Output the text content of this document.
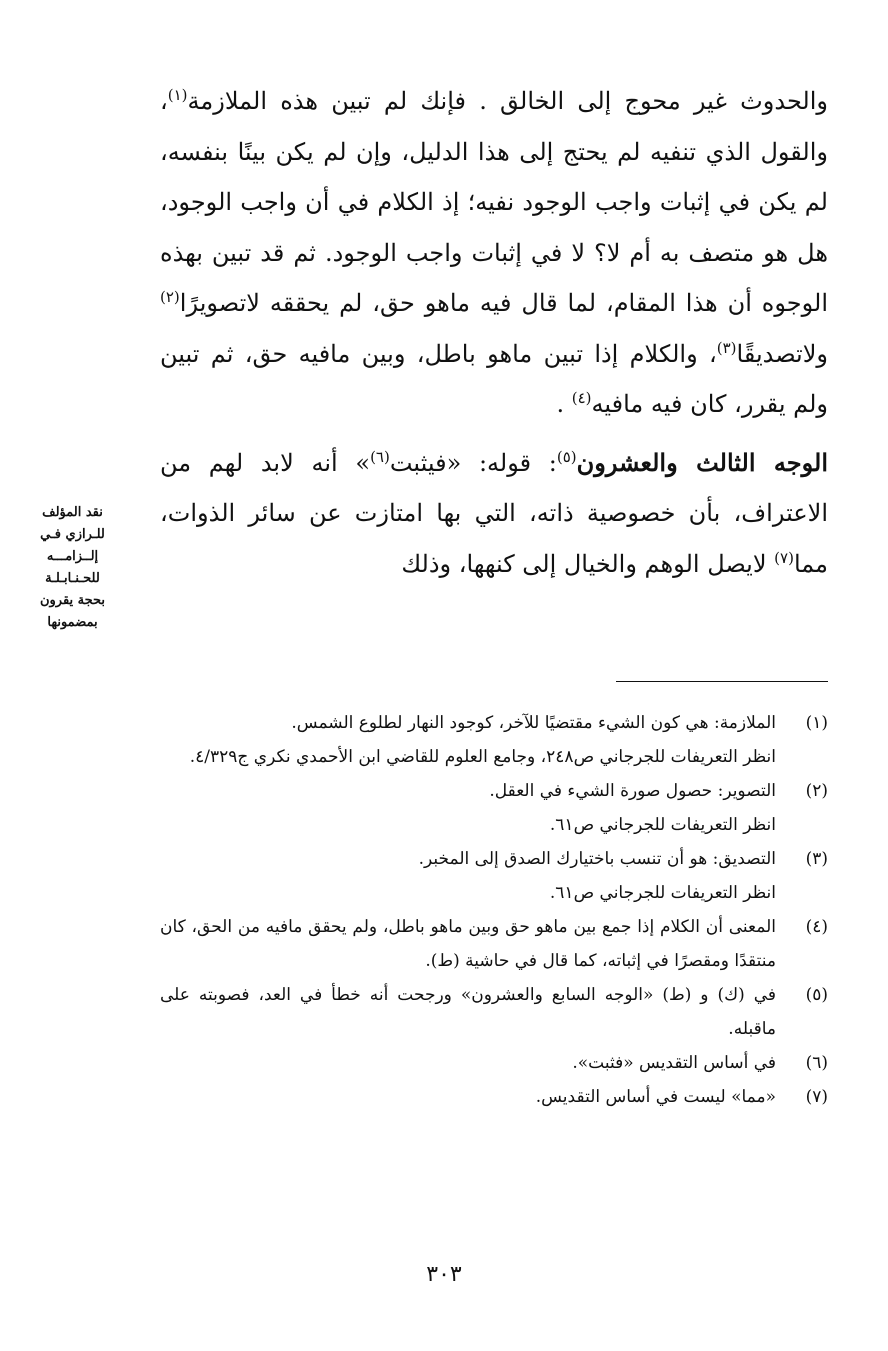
والحدوث غير محوج إلى الخالق . فإنك لم تبين هذه الملازمة$^{(١)}$، والقول الذي تنفيه لم يحتج إلى هذا الدليل، وإن لم يكن بينًا بنفسه، لم يكن في إثبات واجب الوجود نفيه؛ إذ الكلام في أن واجب الوجود، هل هو متصف به أم لا؟ لا في إثبات واجب الوجود. ثم قد تبين بهذه الوجوه أن هذا المقام، لما قال فيه ماهو حق، لم يحققه لاتصويرًا$^{(٢)}$ ولاتصديقًا$^{(٣)}$، والكلام إذا تبين ماهو باطل، وبين مافيه حق، ثم تبين ولم يقرر، كان فيه مافيه$^{(٤)}$ .

الوجه الثالث والعشرون$^{(٥)}$: قوله: «فيثبت$^{(٦)}$» أنه لابد لهم من الاعتراف، بأن خصوصية ذاته، التي بها امتازت عن سائر الذوات، مما$^{(٧)}$ لايصل الوهم والخيال إلى كنهها، وذلك

نقد المؤلف
للـرازي فـي
إلــزامـــه
للحـنـابـلـة
بحجة يقرون
بمضمونها
(١)
الملازمة: هي كون الشيء مقتضيًا للآخر، كوجود النهار لطلوع الشمس.
انظر التعريفات للجرجاني ص٢٤٨، وجامع العلوم للقاضي ابن الأحمدي نكري ج٤/٣٢٩.
(٢)
التصوير: حصول صورة الشيء في العقل.
انظر التعريفات للجرجاني ص٦١.
(٣)
التصديق: هو أن تنسب باختيارك الصدق إلى المخبر.
انظر التعريفات للجرجاني ص٦١.
(٤)
المعنى أن الكلام إذا جمع بين ماهو حق وبين ماهو باطل، ولم يحقق مافيه من الحق، كان منتقدًا ومقصرًا في إثباته، كما قال في حاشية (ط).
(٥)
في (ك) و (ط) «الوجه السابع والعشرون» ورجحت أنه خطأ في العد، فصوبته على ماقبله.
(٦)
في أساس التقديس «فثبت».
(٧)
«مما» ليست في أساس التقديس.
٣٠٣
